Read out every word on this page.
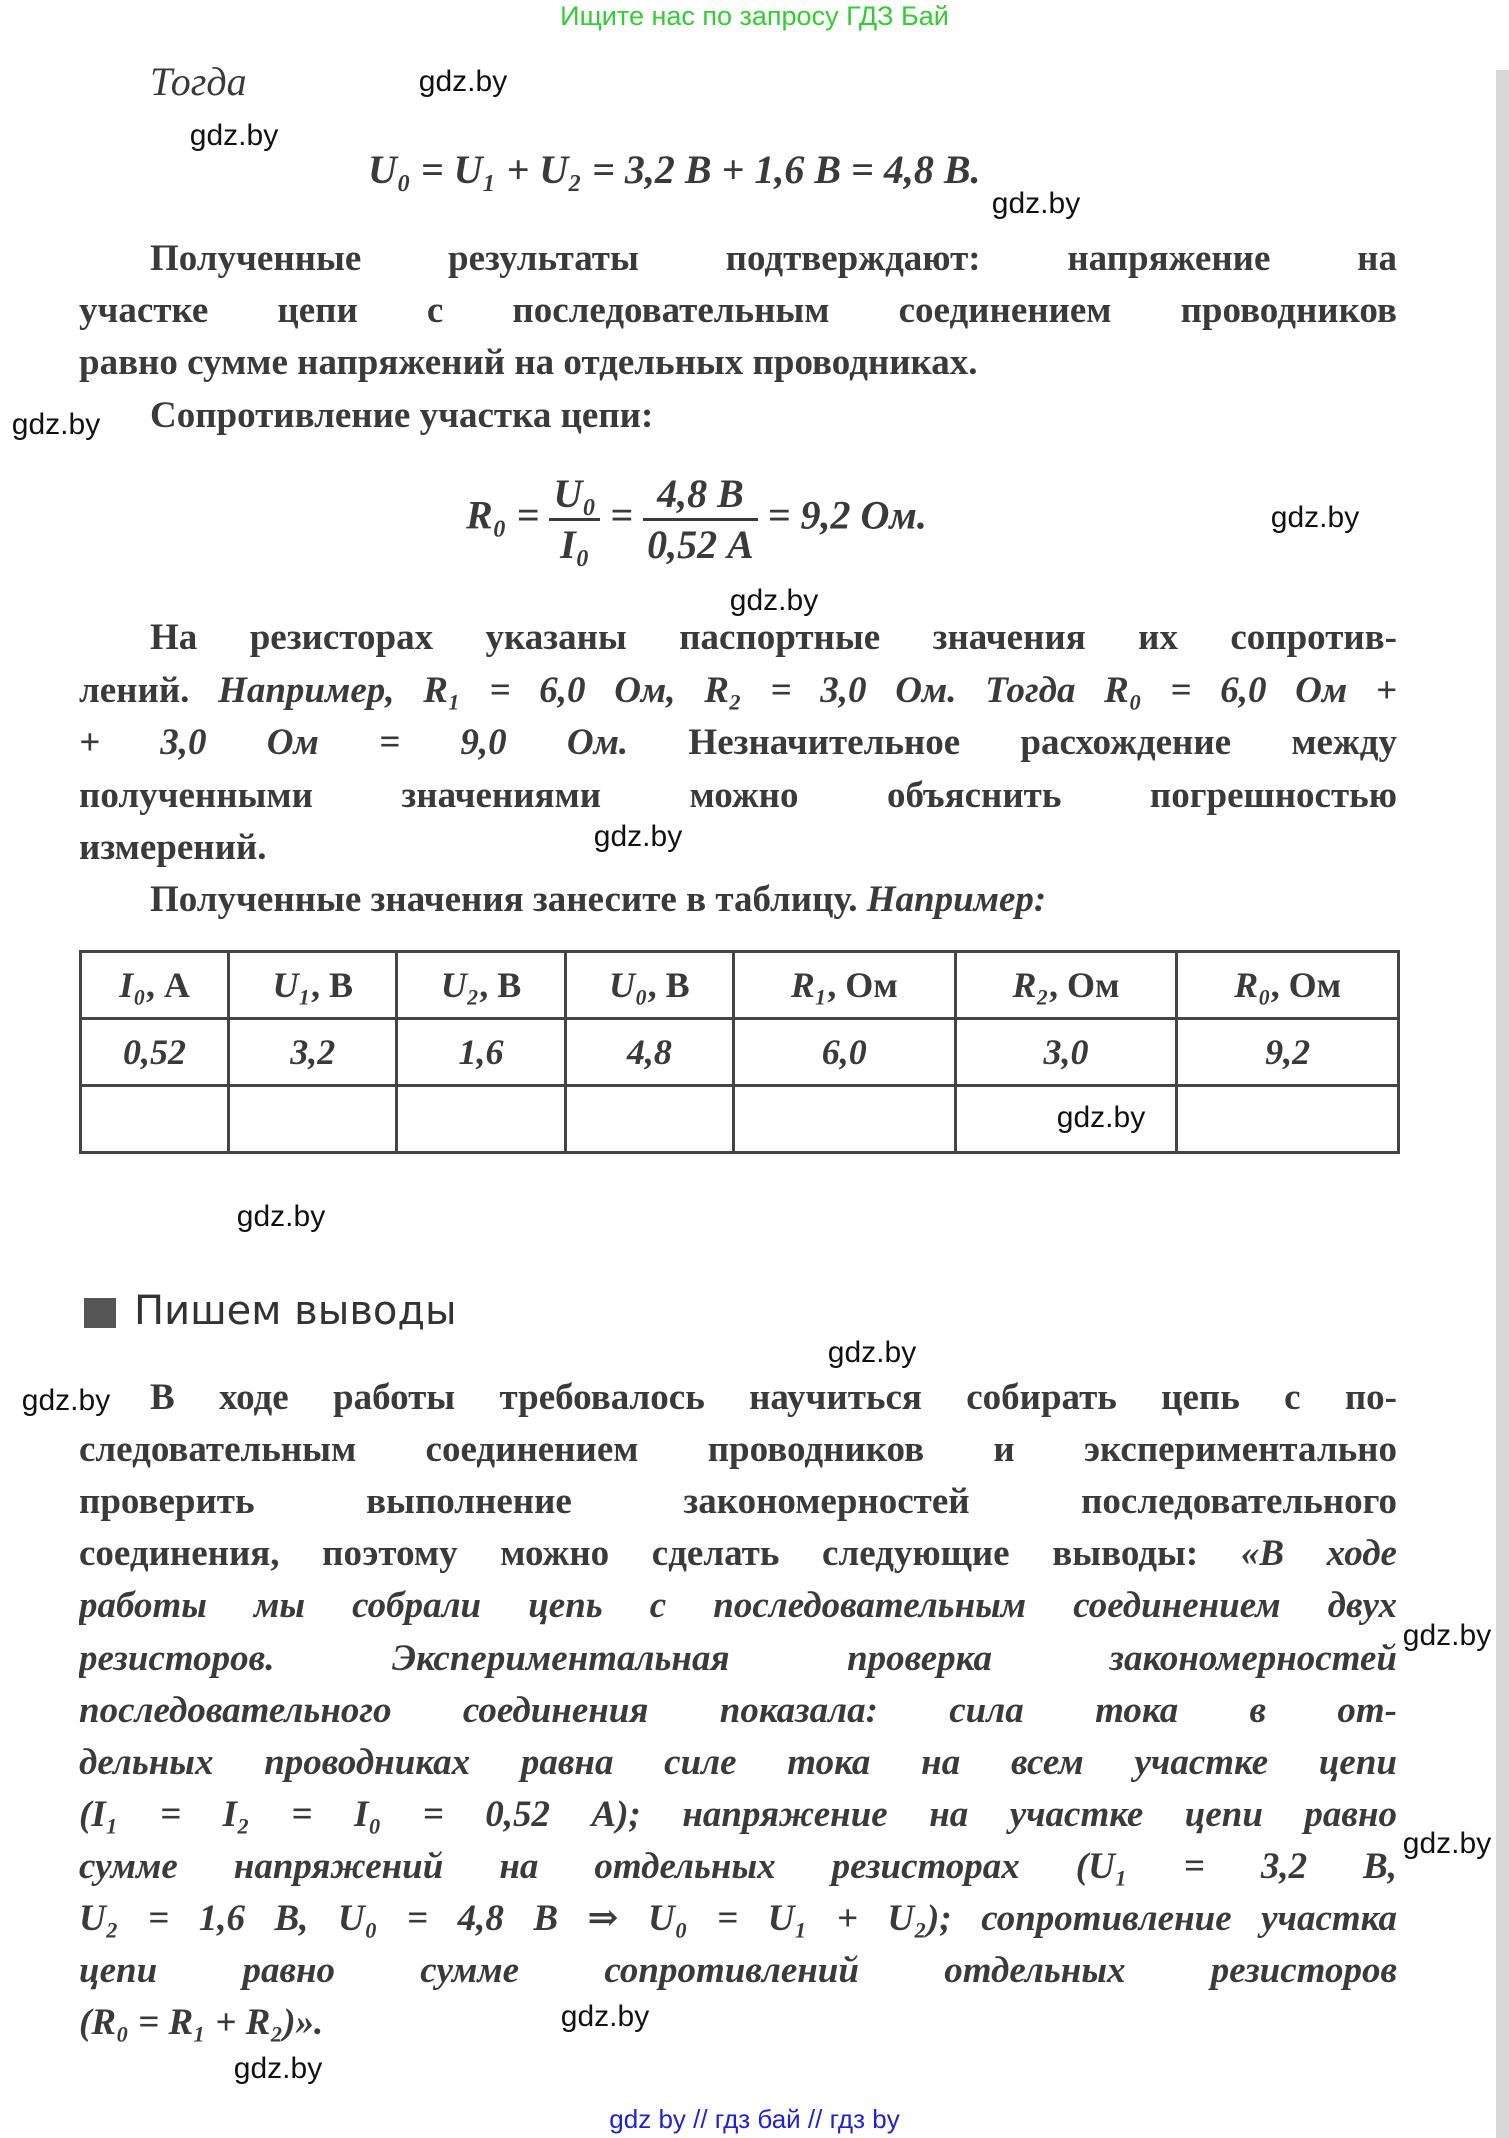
Ищите нас по запросу ГДЗ Бай
Тогда
U₀ = U₁ + U₂ = 3,2 В + 1,6 В = 4,8 В.
Полученные результаты подтверждают: напряжение на
участке цепи с последовательным соединением проводников
равно сумме напряжений на отдельных проводниках.
Сопротивление участка цепи:
$R_0 = \frac{\text{U₀}}{\text{I₀}} = \frac{4,8 В}{0,52 А} = 9,2$ Ом.
На резисторах указаны паспортные значения их сопротив-
лений. Например, R₁ = 6,0 Ом, R₂ = 3,0 Ом. Тогда R₀ = 6,0 Ом +
+ 3,0 Ом = 9,0 Ом. Незначительное расхождение между
полученными значениями можно объяснить погрешностью
измерений.
Полученные значения занесите в таблицу. Например:
I₀, А	U₁, В	U₂, В	U₀, В	R₁, Ом	R₂, Ом	R₀, Ом
0,52	3,2	1,6	4,8	6,0	3,0	9,2

Пишем выводы
В ходе работы требовалось научиться собирать цепь с по-
следовательным соединением проводников и экспериментально
проверить выполнение закономерностей последовательного
соединения, поэтому можно сделать следующие выводы: «В ходе
работы мы собрали цепь с последовательным соединением двух
резисторов. Экспериментальная проверка закономерностей
последовательного соединения показала: сила тока в от-
дельных проводниках равна силе тока на всем участке цепи
(I₁ = I₂ = I₀ = 0,52 А); напряжение на участке цепи равно
сумме напряжений на отдельных резисторах (U₁ = 3,2 В,
U₂ = 1,6 В, U₀ = 4,8 В ⇒ U₀ = U₁ + U₂); сопротивление участка
цепи равно сумме сопротивлений отдельных резисторов
(R₀ = R₁ + R₂)».
gdz.by
gdz.by
gdz.by
gdz.by
gdz.by
gdz.by
gdz.by
gdz.by
gdz.by
gdz.by
gdz.by
gdz.by
gdz.by
gdz.by
gdz.by
gdz by // гдз бай // гдз by
